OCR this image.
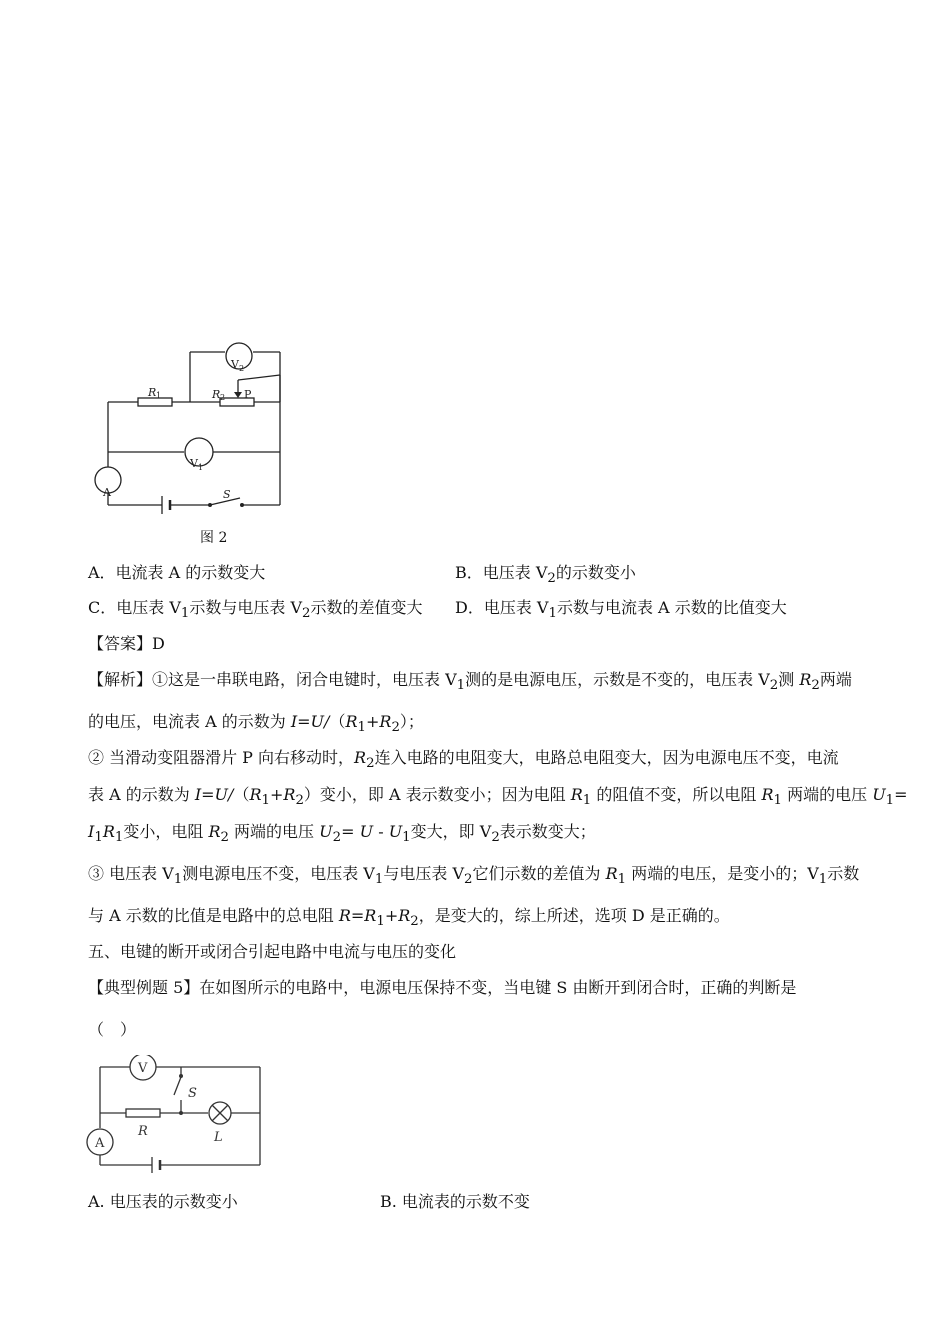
V 2
R 1	R 2 P
V 1
A	S
图 2
A．电流表 A 的示数变大	B．电压表 $V_2$的示数变小
C．电压表 $V_1$示数与电压表 $V_2$示数的差值变大 D．电压表 $V_1$示数与电流表 A 示数的比值变大
【答案】D
【解析】①这是一串联电路，闭合电键时，电压表 $V_1$测的是电源电压，示数是不变的，电压表 $V_2$测 $R_2$两端
的电压，电流表 A 的示数为 $I=U/(R_1+R_2)$；
② 当滑动变阻器滑片 P 向右移动时，$R_2$连入电路的电阻变大，电路总电阻变大，因为电源电压不变，电流
表 A 的示数为 $I=U/(R_1+R_2)$变小，即 A 表示数变小；因为电阻 $R_1$ 的阻值不变，所以电阻 $R_1$ 两端的电压 $U_1=$
$I_1R_1$变小，电阻 $R_2$ 两端的电压 $U_2= U - U_1$变大，即 $V_2$表示数变大；
③ 电压表 $V_1$测电源电压不变，电压表 $V_1$与电压表 $V_2$它们示数的差值为 $R_1$ 两端的电压，是变小的；$V_1$示数
与 A 示数的比值是电路中的总电阻 $R=R_1+R_2$，是变大的，综上所述，选项 D 是正确的。
五、电键的断开或闭合引起电路中电流与电压的变化
【典型例题 5】在如图所示的电路中，电源电压保持不变，当电键 S 由断开到闭合时，正确的判断是
（　）
V
S
R	L
A
A. 电压表的示数变小	B. 电流表的示数不变
